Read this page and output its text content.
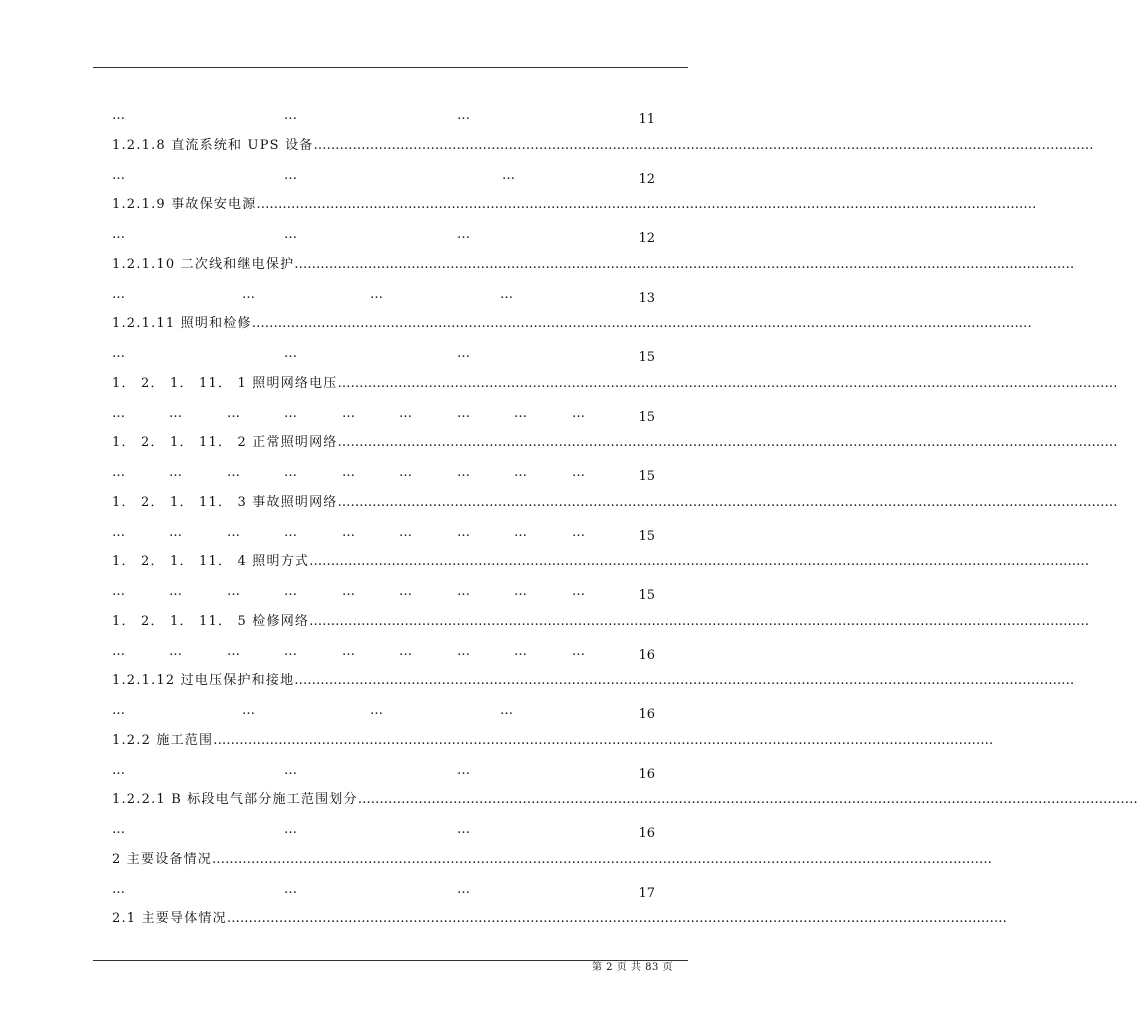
…	…	…	11
1.2.1.8 直流系统和 UPS 设备………………………………………………………………………………………………………………………………………………………………
…	…	…	12
1.2.1.9 事故保安电源………………………………………………………………………………………………………………………………………………………………
…	…	…	12
1.2.1.10 二次线和继电保护………………………………………………………………………………………………………………………………………………………………
…	…	…	…	13
1.2.1.11 照明和检修………………………………………………………………………………………………………………………………………………………………
…	…	…	15
1． 2． 1． 11． 1 照明网络电压………………………………………………………………………………………………………………………………………………………………
…	…	…	…	…	…	…	…	…	15
1． 2． 1． 11． 2 正常照明网络………………………………………………………………………………………………………………………………………………………………
…	…	…	…	…	…	…	…	…	15
1． 2． 1． 11． 3 事故照明网络………………………………………………………………………………………………………………………………………………………………
…	…	…	…	…	…	…	…	…	15
1． 2． 1． 11． 4 照明方式………………………………………………………………………………………………………………………………………………………………
…	…	…	…	…	…	…	…	…	15
1． 2． 1． 11． 5 检修网络………………………………………………………………………………………………………………………………………………………………
…	…	…	…	…	…	…	…	…	16
1.2.1.12 过电压保护和接地………………………………………………………………………………………………………………………………………………………………
…	…	…	…	16
1.2.2 施工范围………………………………………………………………………………………………………………………………………………………………
…	…	…	16
1.2.2.1 B 标段电气部分施工范围划分………………………………………………………………………………………………………………………………………………………………
…	…	…	16
2 主要设备情况………………………………………………………………………………………………………………………………………………………………
…	…	…	17
2.1 主要导体情况………………………………………………………………………………………………………………………………………………………………
第 2 页 共 83 页
